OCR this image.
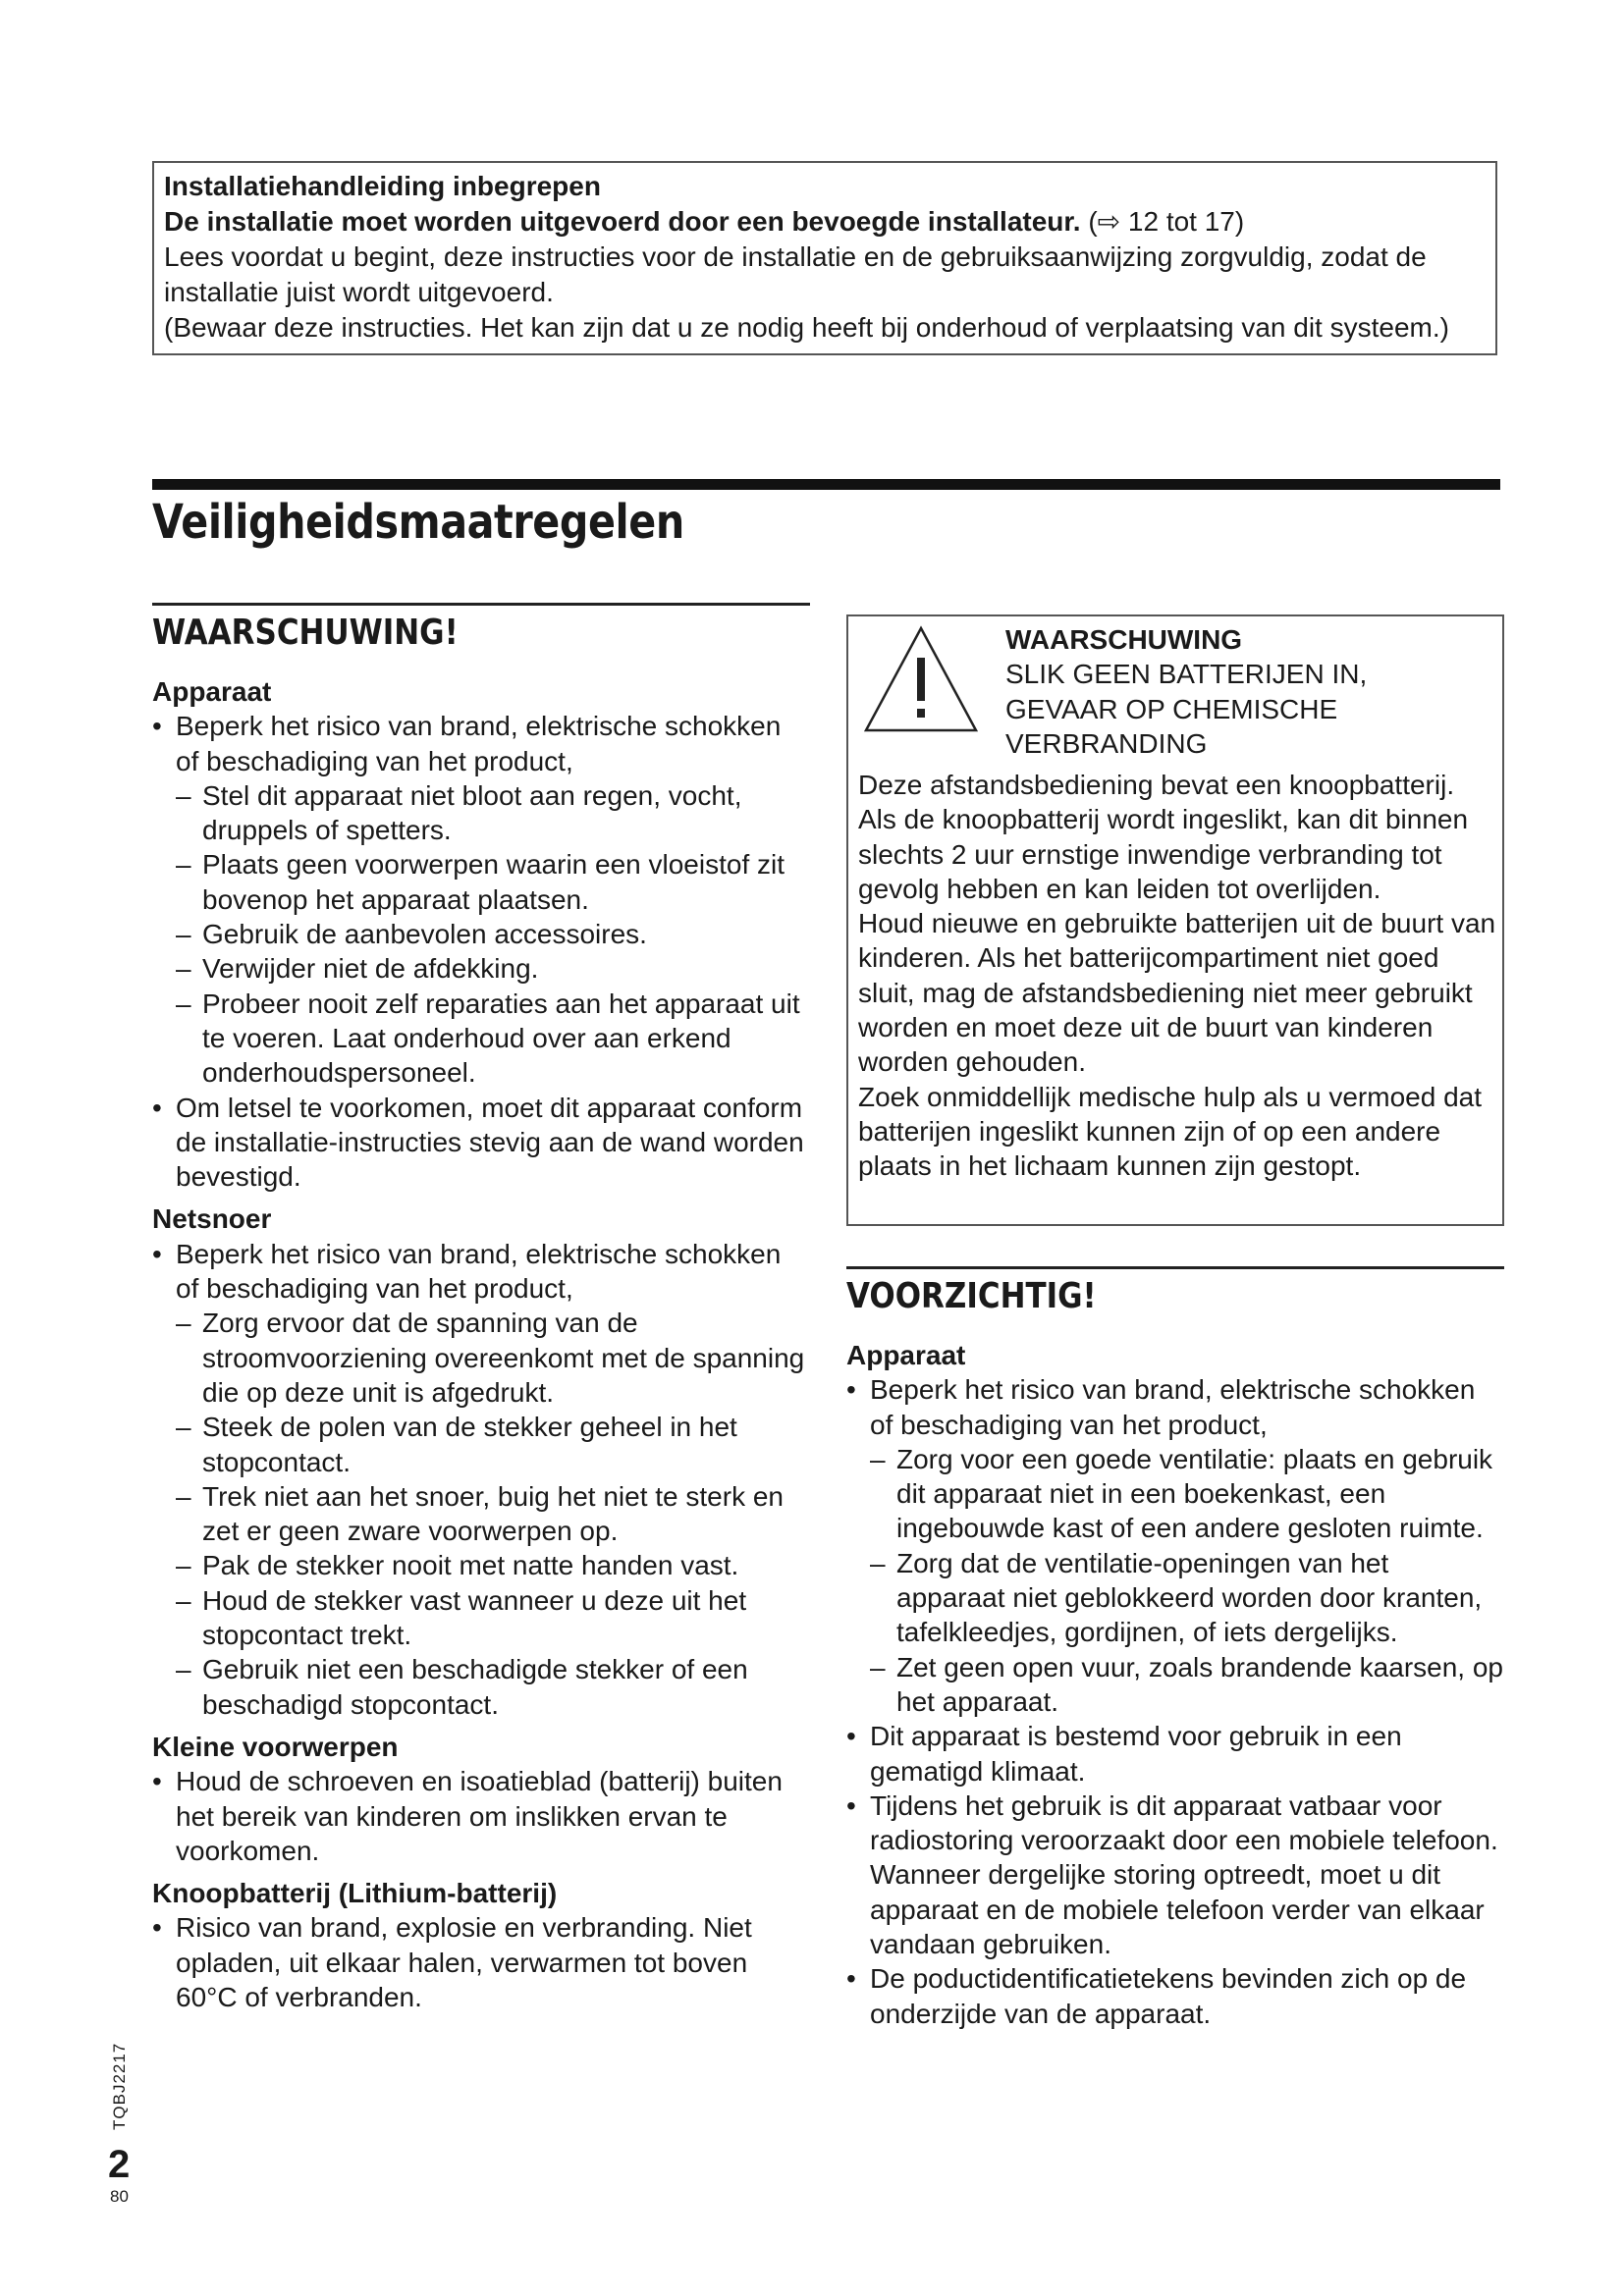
Installatiehandleiding inbegrepen

De installatie moet worden uitgevoerd door een bevoegde installateur. (⇨ 12 tot 17)

Lees voordat u begint, deze instructies voor de installatie en de gebruiksaanwijzing zorgvuldig, zodat de installatie juist wordt uitgevoerd.

(Bewaar deze instructies. Het kan zijn dat u ze nodig heeft bij onderhoud of verplaatsing van dit systeem.)

Veiligheidsmaatregelen
WAARSCHUWING!

Apparaat

• Beperk het risico van brand, elektrische schokken of beschadiging van het product,
– Stel dit apparaat niet bloot aan regen, vocht, druppels of spetters.
– Plaats geen voorwerpen waarin een vloeistof zit bovenop het apparaat plaatsen.
– Gebruik de aanbevolen accessoires.
– Verwijder niet de afdekking.
– Probeer nooit zelf reparaties aan het apparaat uit te voeren. Laat onderhoud over aan erkend onderhoudspersoneel.
• Om letsel te voorkomen, moet dit apparaat conform de installatie-instructies stevig aan de wand worden bevestigd.

Netsnoer

• Beperk het risico van brand, elektrische schokken of beschadiging van het product,
– Zorg ervoor dat de spanning van de stroomvoorziening overeenkomt met de spanning die op deze unit is afgedrukt.
– Steek de polen van de stekker geheel in het stopcontact.
– Trek niet aan het snoer, buig het niet te sterk en zet er geen zware voorwerpen op.
– Pak de stekker nooit met natte handen vast.
– Houd de stekker vast wanneer u deze uit het stopcontact trekt.
– Gebruik niet een beschadigde stekker of een beschadigd stopcontact.

Kleine voorwerpen

• Houd de schroeven en isoatieblad (batterij) buiten het bereik van kinderen om inslikken ervan te voorkomen.

Knoopbatterij (Lithium-batterij)

• Risico van brand, explosie en verbranding. Niet opladen, uit elkaar halen, verwarmen tot boven 60°C of verbranden.
WAARSCHUWING
SLIK GEEN BATTERIJEN IN,
GEVAAR OP CHEMISCHE
VERBRANDING

Deze afstandsbediening bevat een knoopbatterij. Als de knoopbatterij wordt ingeslikt, kan dit binnen slechts 2 uur ernstige inwendige verbranding tot gevolg hebben en kan leiden tot overlijden.

Houd nieuwe en gebruikte batterijen uit de buurt van kinderen. Als het batterijcompartiment niet goed sluit, mag de afstandsbediening niet meer gebruikt worden en moet deze uit de buurt van kinderen worden gehouden.

Zoek onmiddellijk medische hulp als u vermoed dat batterijen ingeslikt kunnen zijn of op een andere plaats in het lichaam kunnen zijn gestopt.

VOORZICHTIG!

Apparaat

• Beperk het risico van brand, elektrische schokken of beschadiging van het product,
– Zorg voor een goede ventilatie: plaats en gebruik dit apparaat niet in een boekenkast, een ingebouwde kast of een andere gesloten ruimte.
– Zorg dat de ventilatie-openingen van het apparaat niet geblokkeerd worden door kranten, tafelkleedjes, gordijnen, of iets dergelijks.
– Zet geen open vuur, zoals brandende kaarsen, op het apparaat.
• Dit apparaat is bestemd voor gebruik in een gematigd klimaat.
• Tijdens het gebruik is dit apparaat vatbaar voor radiostoring veroorzaakt door een mobiele telefoon. Wanneer dergelijke storing optreedt, moet u dit apparaat en de mobiele telefoon verder van elkaar vandaan gebruiken.
• De poductidentificatietekens bevinden zich op de onderzijde van de apparaat.
TQBJ2217
2
80
